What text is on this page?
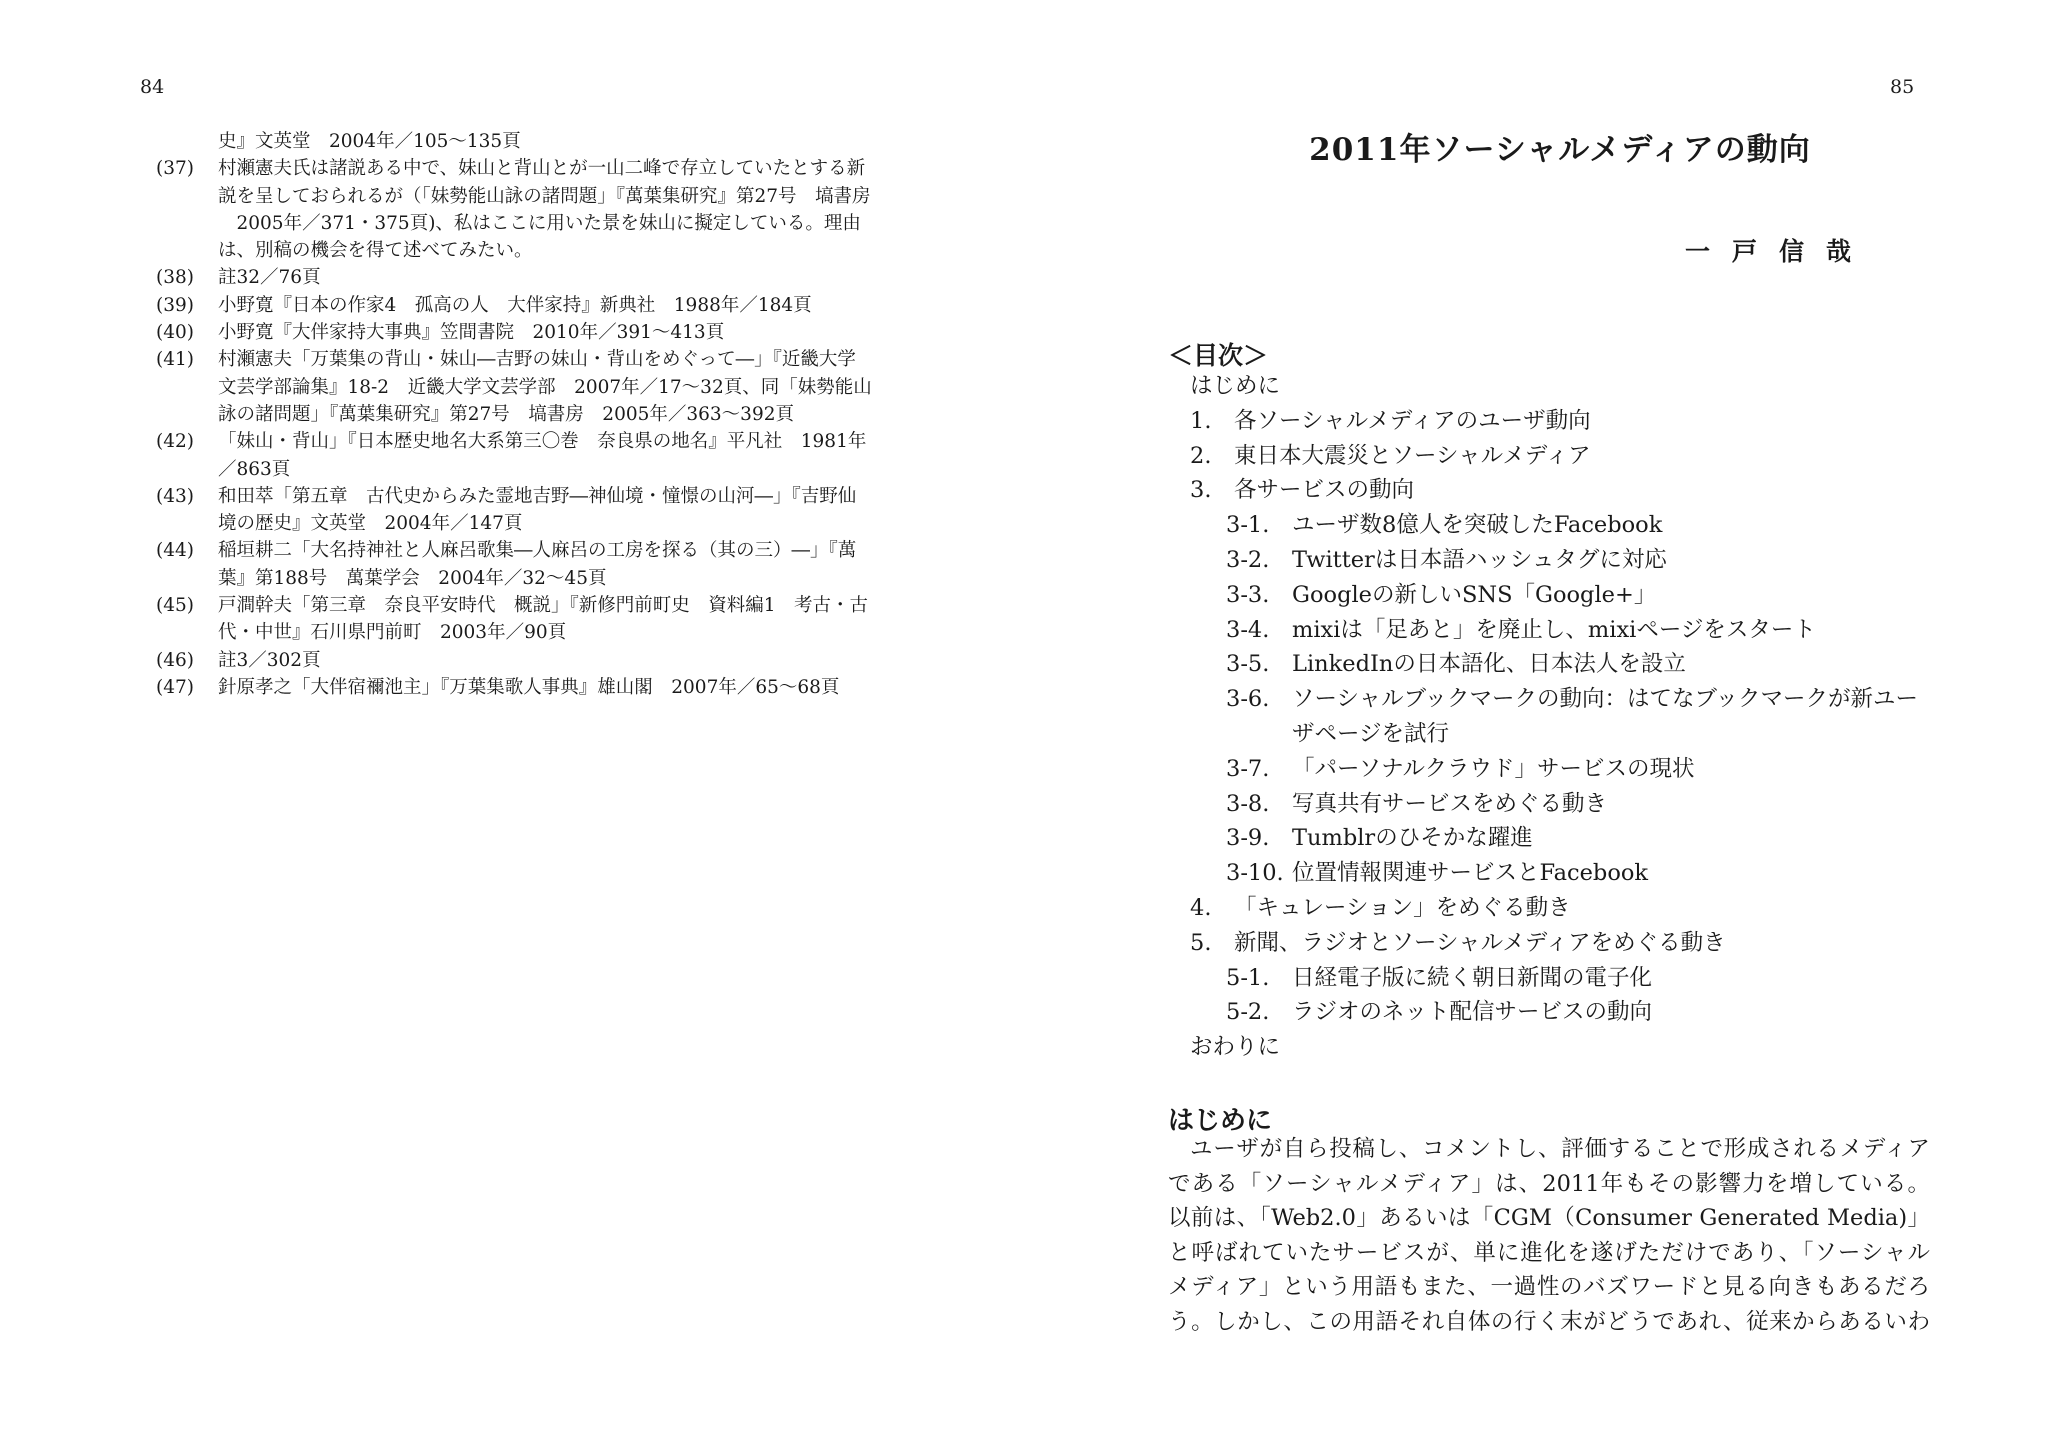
84	85
史』文英堂　2004年／105〜135頁
(37)	村瀬憲夫氏は諸説ある中で、妹山と背山とが一山二峰で存立していたとする新
説を呈しておられるが（「妹勢能山詠の諸問題」『萬葉集研究』第27号　塙書房
　2005年／371・375頁)、私はここに用いた景を妹山に擬定している。理由
は、別稿の機会を得て述べてみたい。
(38)	註32／76頁
(39)	小野寛『日本の作家4　孤高の人　大伴家持』新典社　1988年／184頁
(40)	小野寛『大伴家持大事典』笠間書院　2010年／391〜413頁
(41)	村瀬憲夫「万葉集の背山・妹山―吉野の妹山・背山をめぐって―」『近畿大学
文芸学部論集』18-2　近畿大学文芸学部　2007年／17〜32頁、同「妹勢能山
詠の諸問題」『萬葉集研究』第27号　塙書房　2005年／363〜392頁
(42)	「妹山・背山」『日本歴史地名大系第三〇巻　奈良県の地名』平凡社　1981年
／863頁
(43)	和田萃「第五章　古代史からみた霊地吉野―神仙境・憧憬の山河―」『吉野仙
境の歴史』文英堂　2004年／147頁
(44)	稲垣耕二「大名持神社と人麻呂歌集―人麻呂の工房を探る（其の三）―」『萬
葉』第188号　萬葉学会　2004年／32〜45頁
(45)	戸澗幹夫「第三章　奈良平安時代　概説」『新修門前町史　資料編1　考古・古
代・中世』石川県門前町　2003年／90頁
(46)	註3／302頁
(47)	針原孝之「大伴宿禰池主」『万葉集歌人事典』雄山閣　2007年／65〜68頁
2011年ソーシャルメディアの動向
一戸信哉
＜目次＞
はじめに
1.	各ソーシャルメディアのユーザ動向
2.	東日本大震災とソーシャルメディア
3.	各サービスの動向
3-1.	ユーザ数8億人を突破したFacebook
3-2.	Twitterは日本語ハッシュタグに対応
3-3.	Googleの新しいSNS「Google+」
3-4.	mixiは「足あと」を廃止し、mixiページをスタート
3-5.	LinkedInの日本語化、日本法人を設立
3-6.	ソーシャルブックマークの動向：はてなブックマークが新ユー
ザページを試行
3-7.	「パーソナルクラウド」サービスの現状
3-8.	写真共有サービスをめぐる動き
3-9.	Tumblrのひそかな躍進
3-10. 位置情報関連サービスとFacebook
4.	「キュレーション」をめぐる動き
5.	新聞、ラジオとソーシャルメディアをめぐる動き
5-1.	日経電子版に続く朝日新聞の電子化
5-2.	ラジオのネット配信サービスの動向
おわりに
はじめに
ユーザが自ら投稿し、コメントし、評価することで形成されるメディア
である「ソーシャルメディア」は、2011年もその影響力を増している。
以前は、「Web2.0」あるいは「CGM（Consumer Generated Media)」
と呼ばれていたサービスが、単に進化を遂げただけであり、「ソーシャル
メディア」という用語もまた、一過性のバズワードと見る向きもあるだろ
う。しかし、この用語それ自体の行く末がどうであれ、従来からあるいわ
